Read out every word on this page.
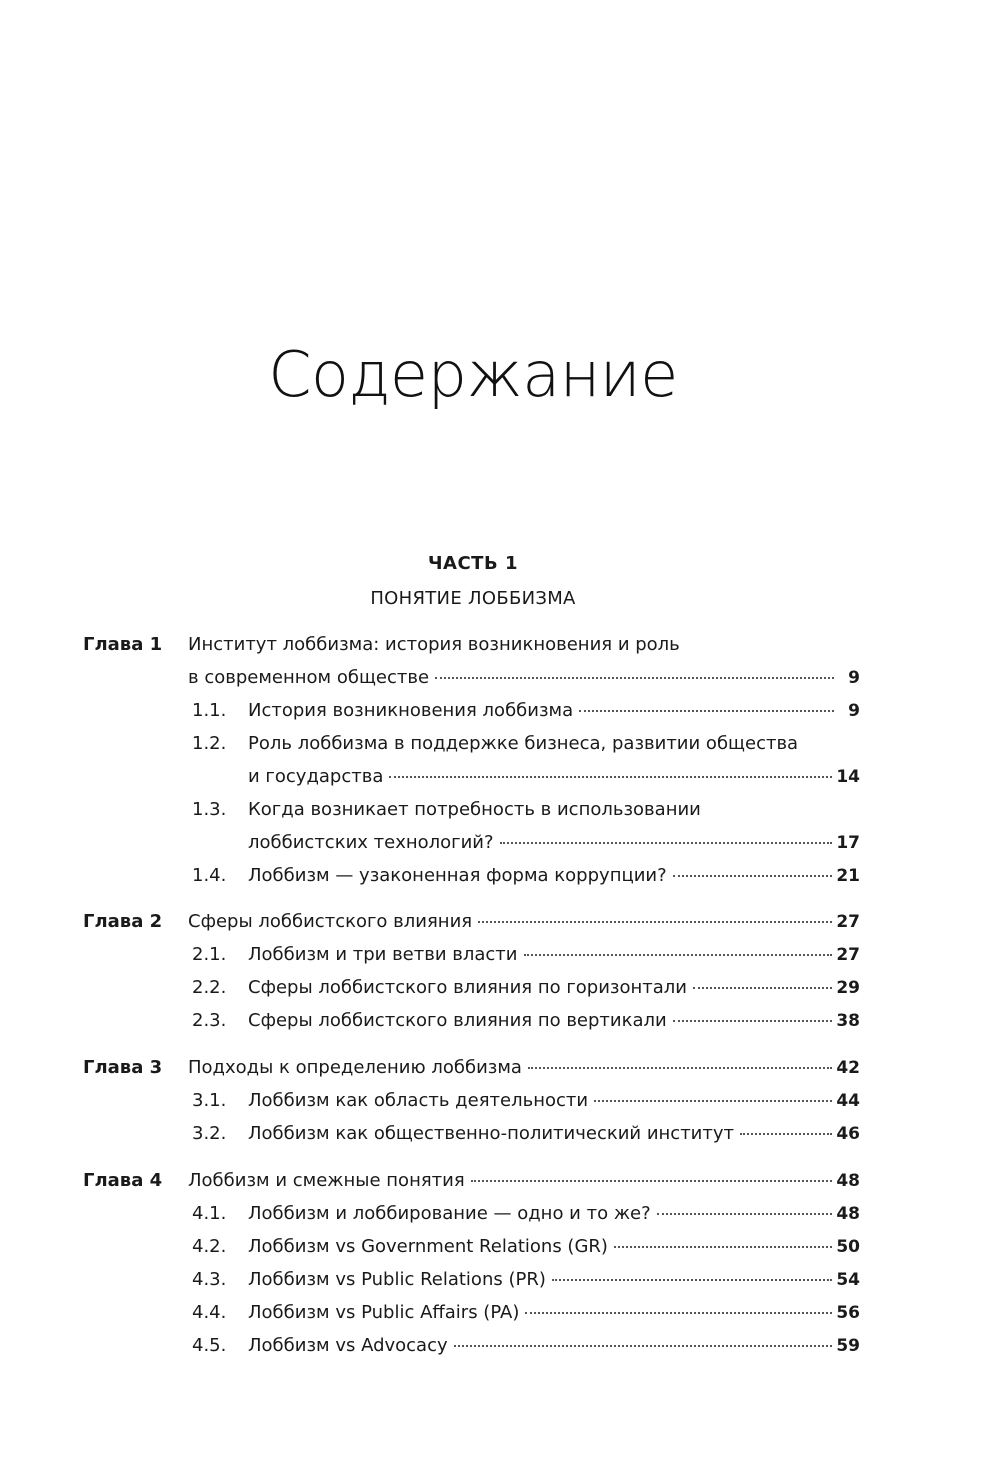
Содержание
ЧАСТЬ 1
ПОНЯТИЕ ЛОББИЗМА
Глава 1 Институт лоббизма: история возникновения и роль
в современном обществе	9
1.1. История возникновения лоббизма	9
1.2. Роль лоббизма в поддержке бизнеса, развитии общества
и государства	14
1.3. Когда возникает потребность в использовании
лоббистских технологий?	17
1.4. Лоббизм — узаконенная форма коррупции?	21
Глава 2 Сферы лоббистского влияния	27
2.1. Лоббизм и три ветви власти	27
2.2. Сферы лоббистского влияния по горизонтали	29
2.3. Сферы лоббистского влияния по вертикали	38
Глава 3 Подходы к определению лоббизма	42
3.1. Лоббизм как область деятельности	44
3.2. Лоббизм как общественно-политический институт	46
Глава 4 Лоббизм и смежные понятия	48
4.1. Лоббизм и лоббирование — одно и то же?	48
4.2. Лоббизм vs Government Relations (GR)	50
4.3. Лоббизм vs Public Relations (PR)	54
4.4. Лоббизм vs Public Affairs (PA)	56
4.5. Лоббизм vs Advocacy	59
